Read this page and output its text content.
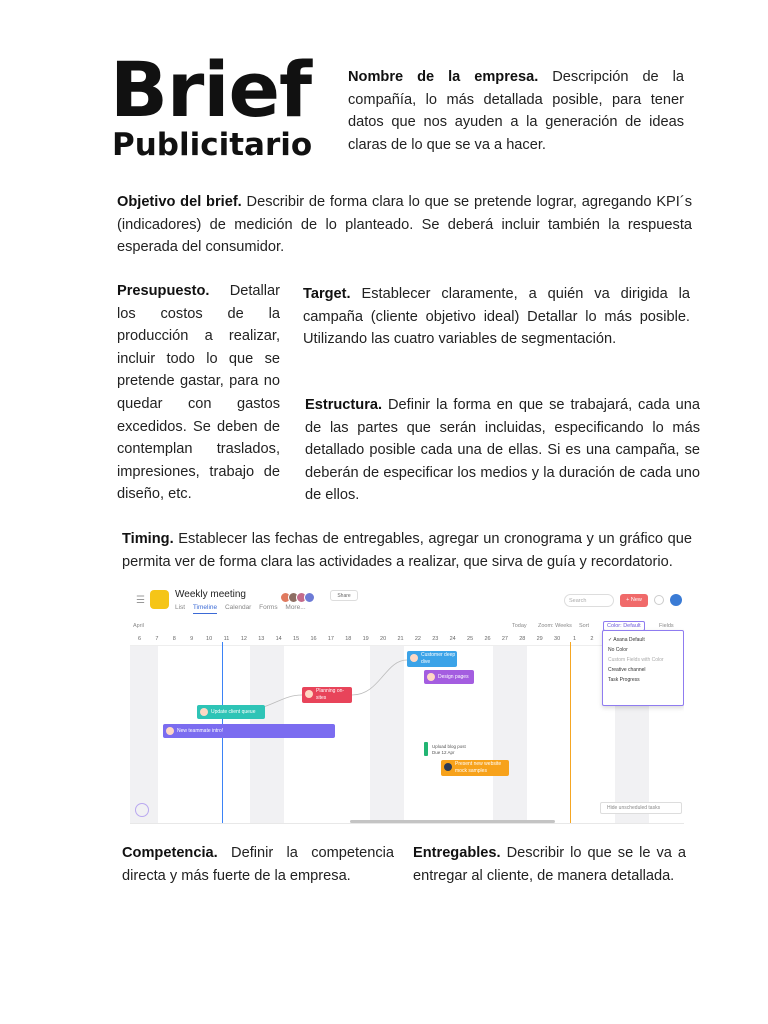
Brief
Publicitario

Nombre de la empresa. Descripción de la compañía, lo más detallada posible, para tener datos que nos ayuden a la generación de ideas claras de lo que se va a hacer.

Objetivo del brief. Describir de forma clara lo que se pretende lograr, agregando KPI´s (indicadores) de medición de lo planteado. Se deberá incluir también la respuesta esperada del consumidor.

Presupuesto. Detallar los costos de la producción a realizar, incluir todo lo que se pretende gastar, para no quedar con gastos excedidos. Se deben de contemplan traslados, impresiones, trabajo de diseño, etc.

Target. Establecer claramente, a quién va dirigida la campaña (cliente objetivo ideal) Detallar lo más posible. Utilizando las cuatro variables de segmentación.

Estructura. Definir la forma en que se trabajará, cada una de las partes que serán incluidas, especificando lo más detallado posible cada una de ellas. Si es una campaña, se deberán de especificar los medios y la duración de cada uno de ellos.

Timing. Establecer las fechas de entregables, agregar un cronograma y un gráfico que permita ver de forma clara las actividades a realizar, que sirva de guía y recordatorio.

☰
Weekly meeting
List Timeline Calendar Forms More...
Share
Search	+ New
April	Today Zoom: Weeks Sort	Color: Default	Fields
6	7	8	9	10	11	12	13	14	15	16	17	18	19	20	21	22	23	24	25	26	27	28	29	30	1	2
New teammate intro!
Update client queue
Planning on-sites
Customer deep dive
Design pages
Upload blog post
Due 12 Apr
Present new website mock samples
✓ Asana Default
No Color
Custom Fields with Color
Creative channel
Task Progress
Hide unscheduled tasks

Competencia. Definir la competencia directa y más fuerte de la empresa.

Entregables. Describir lo que se le va a entregar al cliente, de manera detallada.
